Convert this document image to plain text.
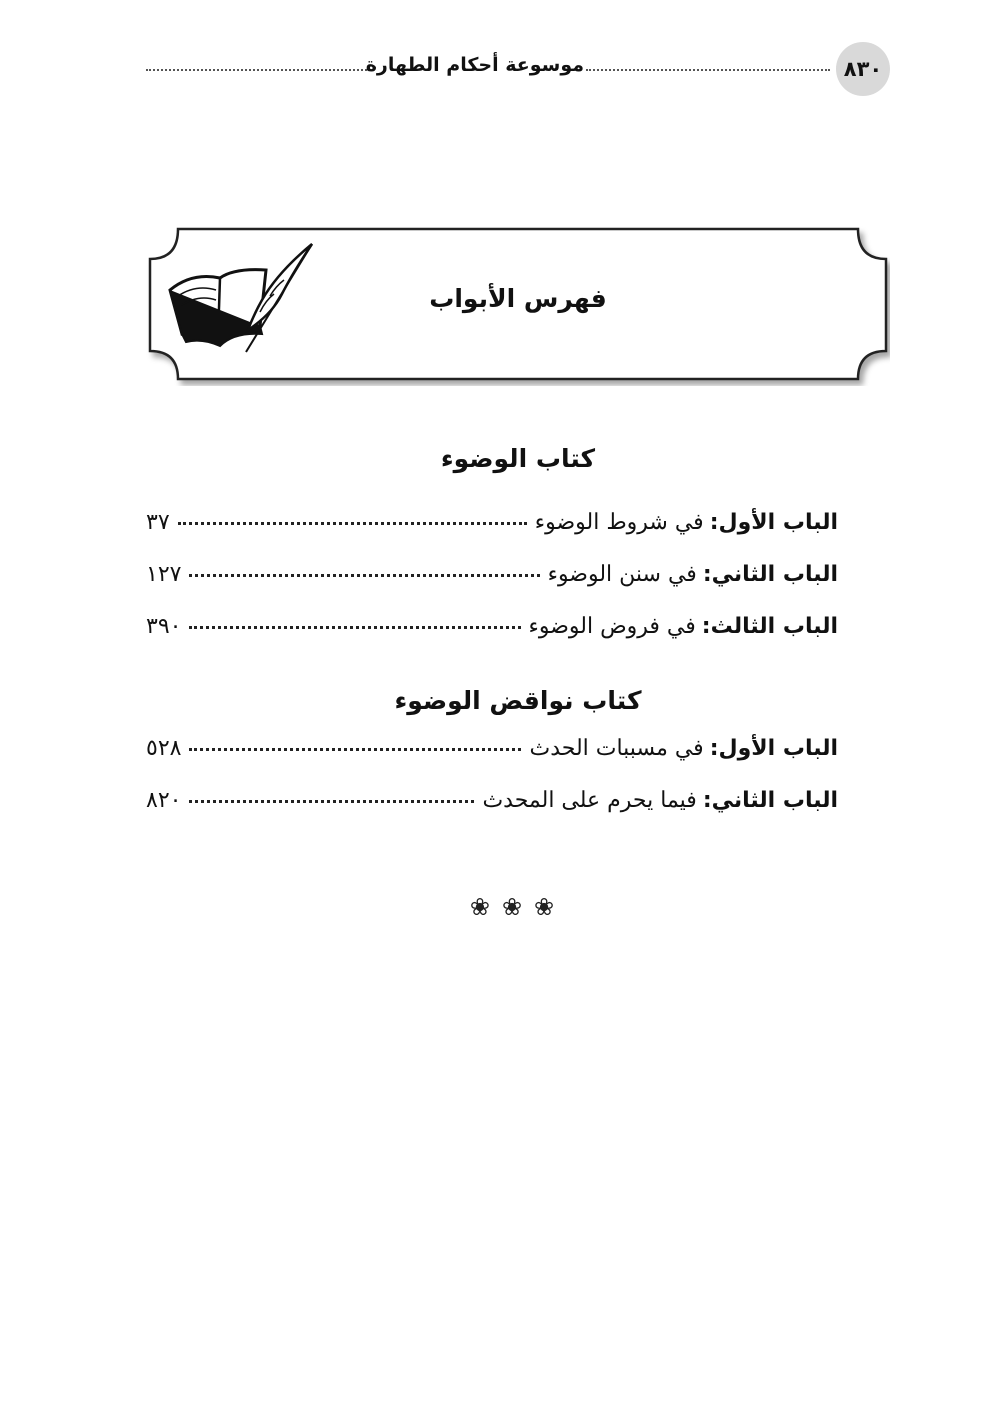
موسوعة أحكام الطهارة	٨٣٠
فهرس الأبواب
كتاب الوضوء
الباب الأول:
في شروط الوضوء
٣٧
الباب الثاني:
في سنن الوضوء
١٢٧
الباب الثالث:
في فروض الوضوء
٣٩٠
كتاب نواقض الوضوء
الباب الأول:
في مسببات الحدث
٥٢٨
الباب الثاني:
فيما يحرم على المحدث
٨٢٠
❀❀❀
